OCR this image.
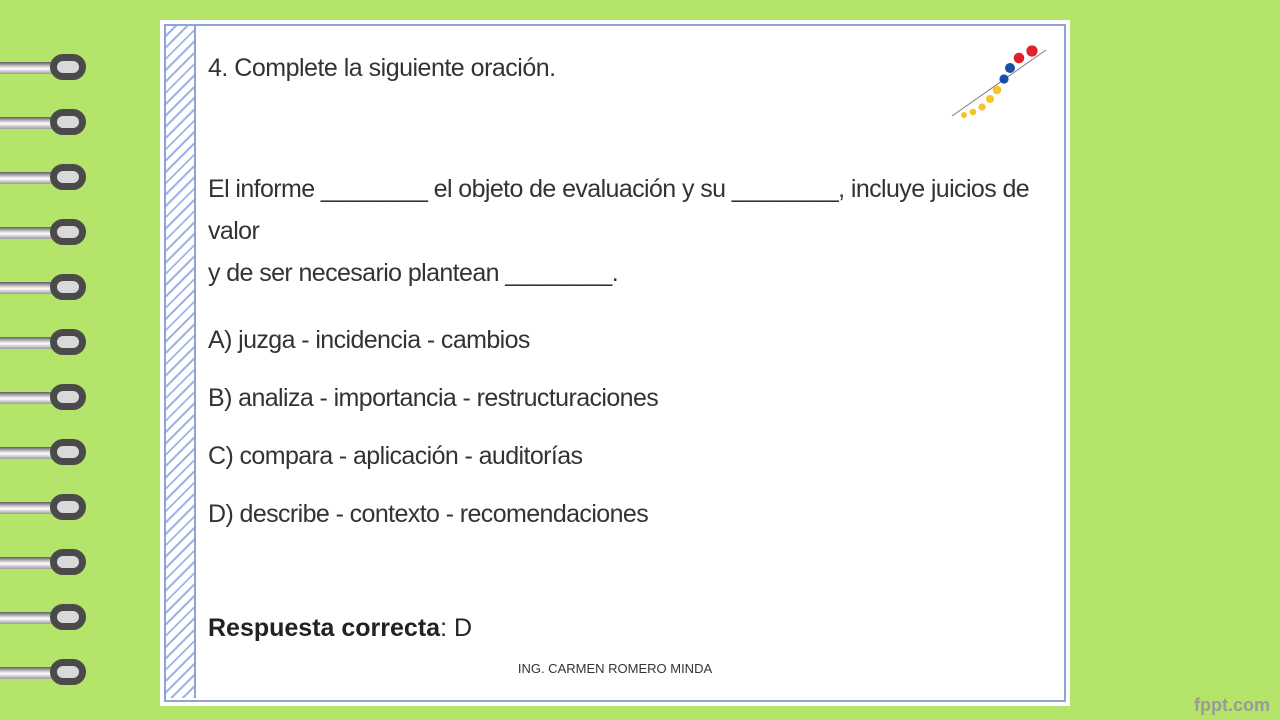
4. Complete la siguiente oración.
El informe ________ el objeto de evaluación y su ________, incluye juicios de valor
y de ser necesario plantean ________.
A) juzga - incidencia - cambios
B) analiza - importancia - restructuraciones
C) compara - aplicación - auditorías
D) describe - contexto - recomendaciones
Respuesta correcta: D
ING. CARMEN ROMERO MINDA
fppt.com
